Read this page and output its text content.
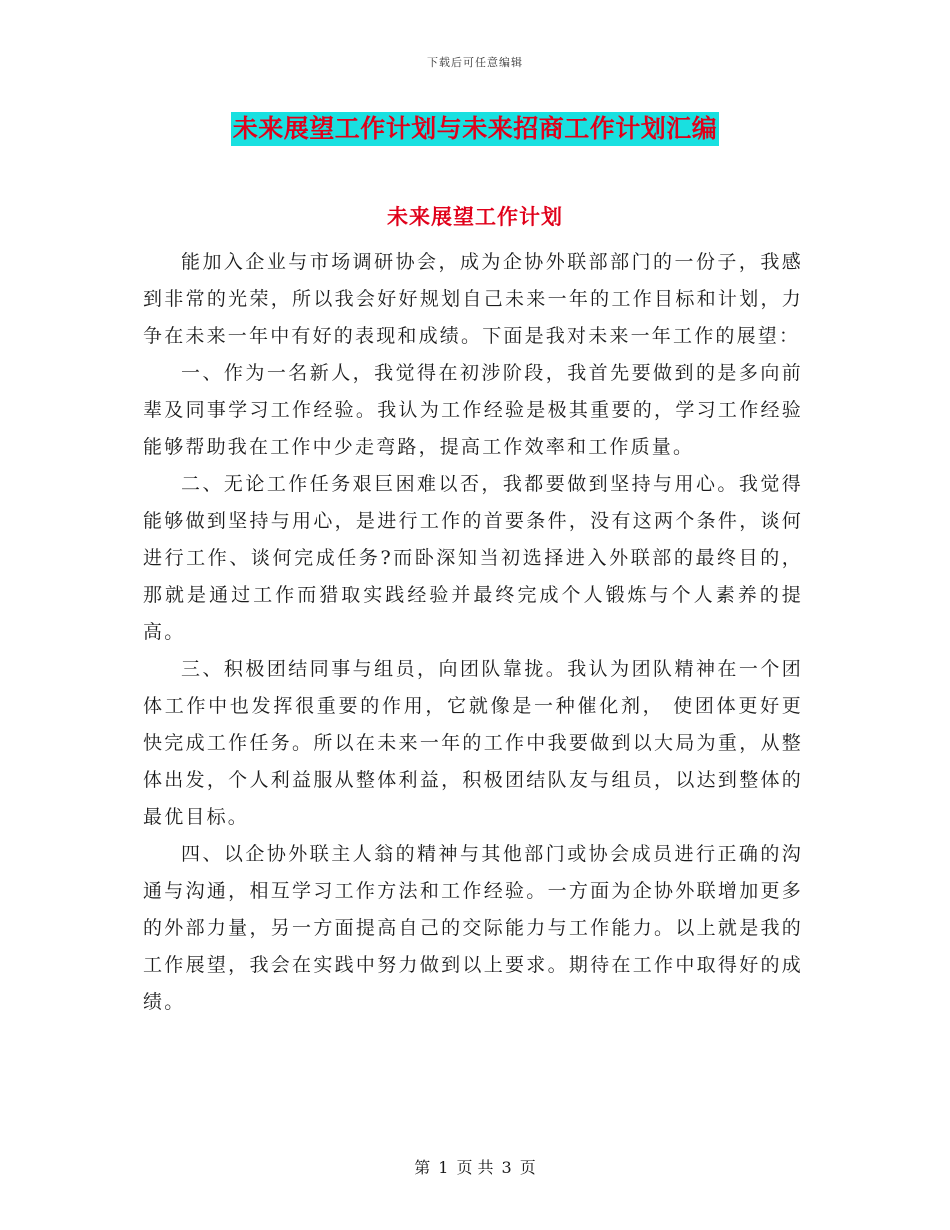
下载后可任意编辑
未来展望工作计划与未来招商工作计划汇编
未来展望工作计划

能加入企业与市场调研协会，成为企协外联部部门的一份子，我感到非常的光荣，所以我会好好规划自己未来一年的工作目标和计划，力争在未来一年中有好的表现和成绩。下面是我对未来一年工作的展望：

一、作为一名新人，我觉得在初涉阶段，我首先要做到的是多向前辈及同事学习工作经验。我认为工作经验是极其重要的，学习工作经验能够帮助我在工作中少走弯路，提高工作效率和工作质量。

二、无论工作任务艰巨困难以否，我都要做到坚持与用心。我觉得能够做到坚持与用心，是进行工作的首要条件，没有这两个条件，谈何进行工作、谈何完成任务?而卧深知当初选择进入外联部的最终目的，那就是通过工作而猎取实践经验并最终完成个人锻炼与个人素养的提高。

三、积极团结同事与组员，向团队靠拢。我认为团队精神在一个团体工作中也发挥很重要的作用，它就像是一种催化剂， 使团体更好更快完成工作任务。所以在未来一年的工作中我要做到以大局为重，从整体出发，个人利益服从整体利益，积极团结队友与组员，以达到整体的最优目标。

四、以企协外联主人翁的精神与其他部门或协会成员进行正确的沟通与沟通，相互学习工作方法和工作经验。一方面为企协外联增加更多的外部力量，另一方面提高自己的交际能力与工作能力。以上就是我的工作展望，我会在实践中努力做到以上要求。期待在工作中取得好的成绩。

第 1 页 共 3 页
